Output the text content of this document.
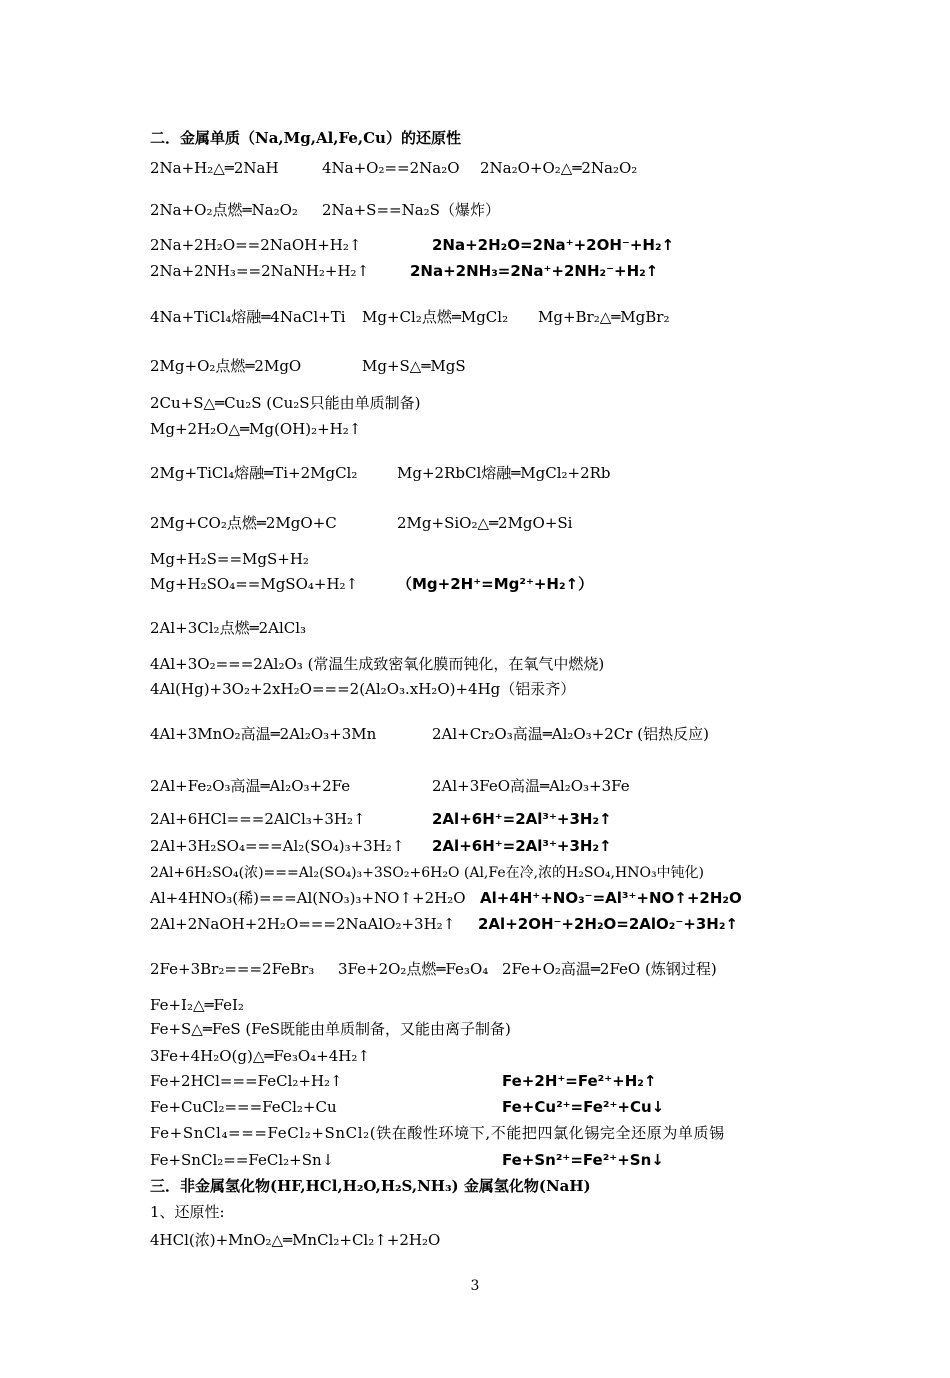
二．金属单质（Na,Mg,Al,Fe,Cu）的还原性
2Na+H₂△═2NaH	4Na+O₂==2Na₂O 2Na₂O+O₂△═2Na₂O₂
2Na+O₂点燃═Na₂O₂ 2Na+S==Na₂S（爆炸）
2Na+2H₂O==2NaOH+H₂↑	2Na+2H₂O=2Na⁺+2OH⁻+H₂↑
2Na+2NH₃==2NaNH₂+H₂↑	2Na+2NH₃=2Na⁺+2NH₂⁻+H₂↑
4Na+TiCl₄熔融═4NaCl+Ti Mg+Cl₂点燃═MgCl₂ Mg+Br₂△═MgBr₂
2Mg+O₂点燃═2MgO	Mg+S△═MgS
2Cu+S△═Cu₂S (Cu₂S只能由单质制备)
Mg+2H₂O△═Mg(OH)₂+H₂↑
2Mg+TiCl₄熔融═Ti+2MgCl₂	Mg+2RbCl熔融═MgCl₂+2Rb
2Mg+CO₂点燃═2MgO+C	2Mg+SiO₂△═2MgO+Si
Mg+H₂S==MgS+H₂
Mg+H₂SO₄==MgSO₄+H₂↑	（Mg+2H⁺=Mg²⁺+H₂↑）
2Al+3Cl₂点燃═2AlCl₃
4Al+3O₂===2Al₂O₃ (常温生成致密氧化膜而钝化，在氧气中燃烧)
4Al(Hg)+3O₂+2xH₂O===2(Al₂O₃.xH₂O)+4Hg（铝汞齐）
4Al+3MnO₂高温═2Al₂O₃+3Mn	2Al+Cr₂O₃高温═Al₂O₃+2Cr (铝热反应)
2Al+Fe₂O₃高温═Al₂O₃+2Fe	2Al+3FeO高温═Al₂O₃+3Fe
2Al+6HCl===2AlCl₃+3H₂↑	2Al+6H⁺=2Al³⁺+3H₂↑
2Al+3H₂SO₄===Al₂(SO₄)₃+3H₂↑ 2Al+6H⁺=2Al³⁺+3H₂↑
2Al+6H₂SO₄(浓)===Al₂(SO₄)₃+3SO₂+6H₂O (Al,Fe在冷,浓的H₂SO₄,HNO₃中钝化)
Al+4HNO₃(稀)===Al(NO₃)₃+NO↑+2H₂O Al+4H⁺+NO₃⁻=Al³⁺+NO↑+2H₂O
2Al+2NaOH+2H₂O===2NaAlO₂+3H₂↑ 2Al+2OH⁻+2H₂O=2AlO₂⁻+3H₂↑
2Fe+3Br₂===2FeBr₃ 3Fe+2O₂点燃═Fe₃O₄ 2Fe+O₂高温═2FeO (炼钢过程)
Fe+I₂△═FeI₂
Fe+S△═FeS (FeS既能由单质制备，又能由离子制备)
3Fe+4H₂O(g)△═Fe₃O₄+4H₂↑
Fe+2HCl===FeCl₂+H₂↑	Fe+2H⁺=Fe²⁺+H₂↑
Fe+CuCl₂===FeCl₂+Cu	Fe+Cu²⁺=Fe²⁺+Cu↓
Fe+SnCl₄===FeCl₂+SnCl₂(铁在酸性环境下,不能把四氯化锡完全还原为单质锡
Fe+SnCl₂==FeCl₂+Sn↓	Fe+Sn²⁺=Fe²⁺+Sn↓
三．非金属氢化物(HF,HCl,H₂O,H₂S,NH₃) 金属氢化物(NaH)
1、还原性:
4HCl(浓)+MnO₂△═MnCl₂+Cl₂↑+2H₂O
3
